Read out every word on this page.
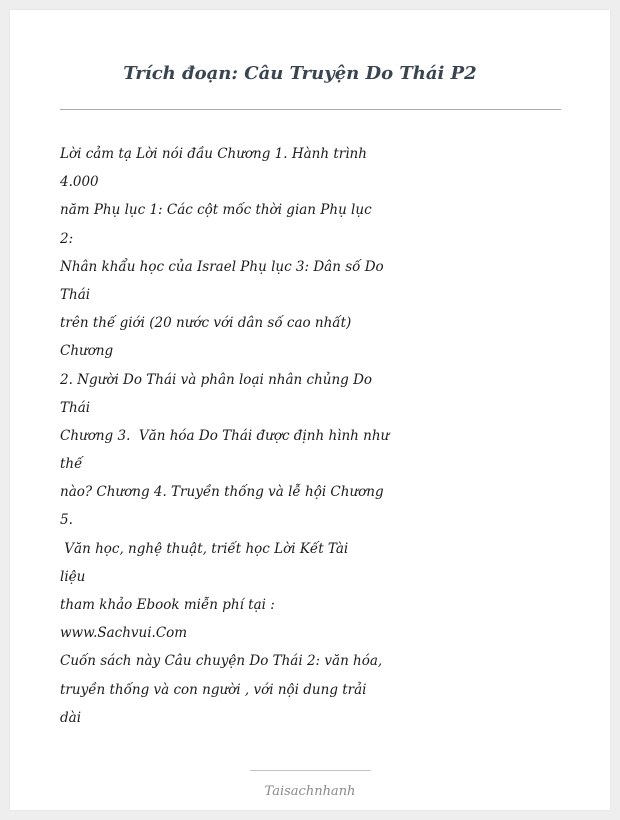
Lời cảm tạ Lời nói đầu Chương 1. Hành trình
4.000
năm Phụ lục 1: Các cột mốc thời gian Phụ lục
2:
Nhân khẩu học của Israel Phụ lục 3: Dân số Do
Thái
trên thế giới (20 nước với dân số cao nhất)
Chương
2. Người Do Thái và phân loại nhân chủng Do
Thái
Chương 3.  Văn hóa Do Thái được định hình như
thế
nào? Chương 4. Truyền thống và lễ hội Chương
5.
Văn học, nghệ thuật, triết học Lời Kết Tài
liệu
tham khảo Ebook miễn phí tại :
www.Sachvui.Com
Cuốn sách này Câu chuyện Do Thái 2: văn hóa,
truyền thống và con người , với nội dung trải
dài
Taisachnhanh
Trích đoạn: Câu Truyện Do Thái P2
